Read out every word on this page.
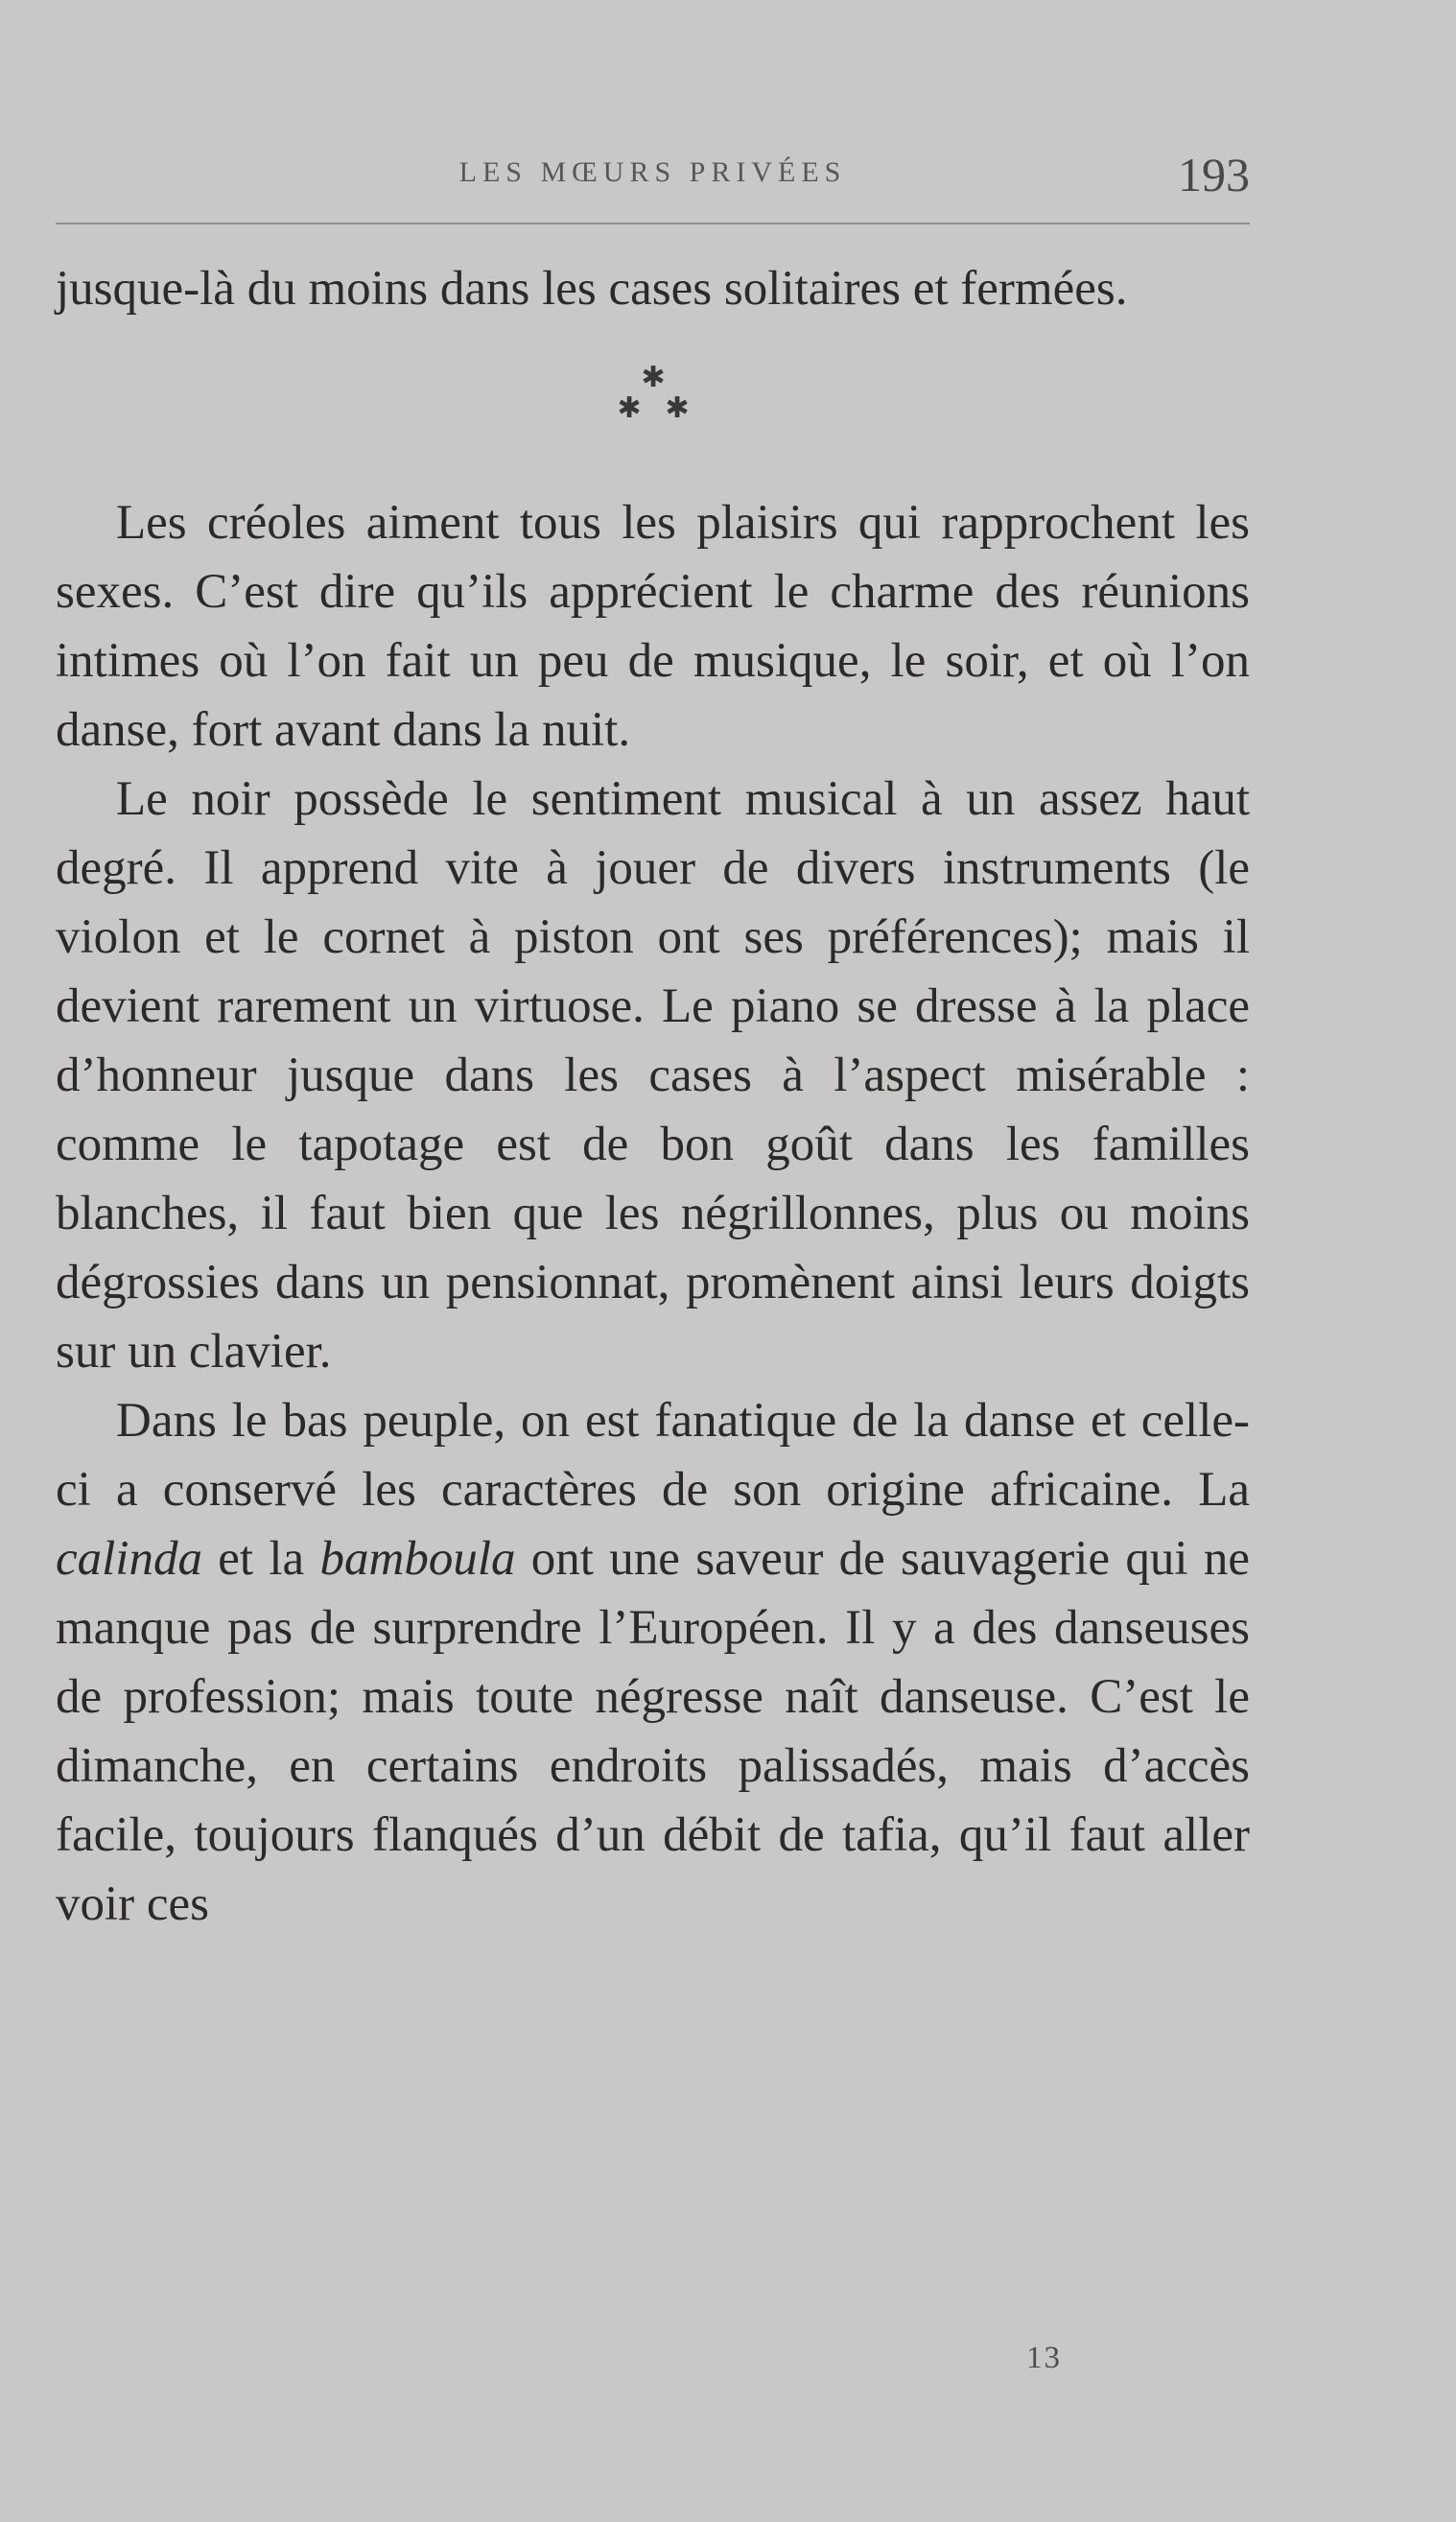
LES MŒURS PRIVÉES	193

jusque-là du moins dans les cases solitaires et fermées.

✱
✱ ✱

Les créoles aiment tous les plaisirs qui rapprochent les sexes. C’est dire qu’ils apprécient le charme des réunions intimes où l’on fait un peu de musique, le soir, et où l’on danse, fort avant dans la nuit.

Le noir possède le sentiment musical à un assez haut degré. Il apprend vite à jouer de divers instruments (le violon et le cornet à piston ont ses préférences); mais il devient rarement un virtuose. Le piano se dresse à la place d’honneur jusque dans les cases à l’aspect misérable : comme le tapotage est de bon goût dans les familles blanches, il faut bien que les négrillonnes, plus ou moins dégrossies dans un pensionnat, promènent ainsi leurs doigts sur un clavier.

Dans le bas peuple, on est fanatique de la danse et celle-ci a conservé les caractères de son origine africaine. La calinda et la bamboula ont une saveur de sauvagerie qui ne manque pas de surprendre l’Européen. Il y a des danseuses de profession; mais toute négresse naît danseuse. C’est le dimanche, en certains endroits palissadés, mais d’accès facile, toujours flanqués d’un débit de tafia, qu’il faut aller voir ces

13
